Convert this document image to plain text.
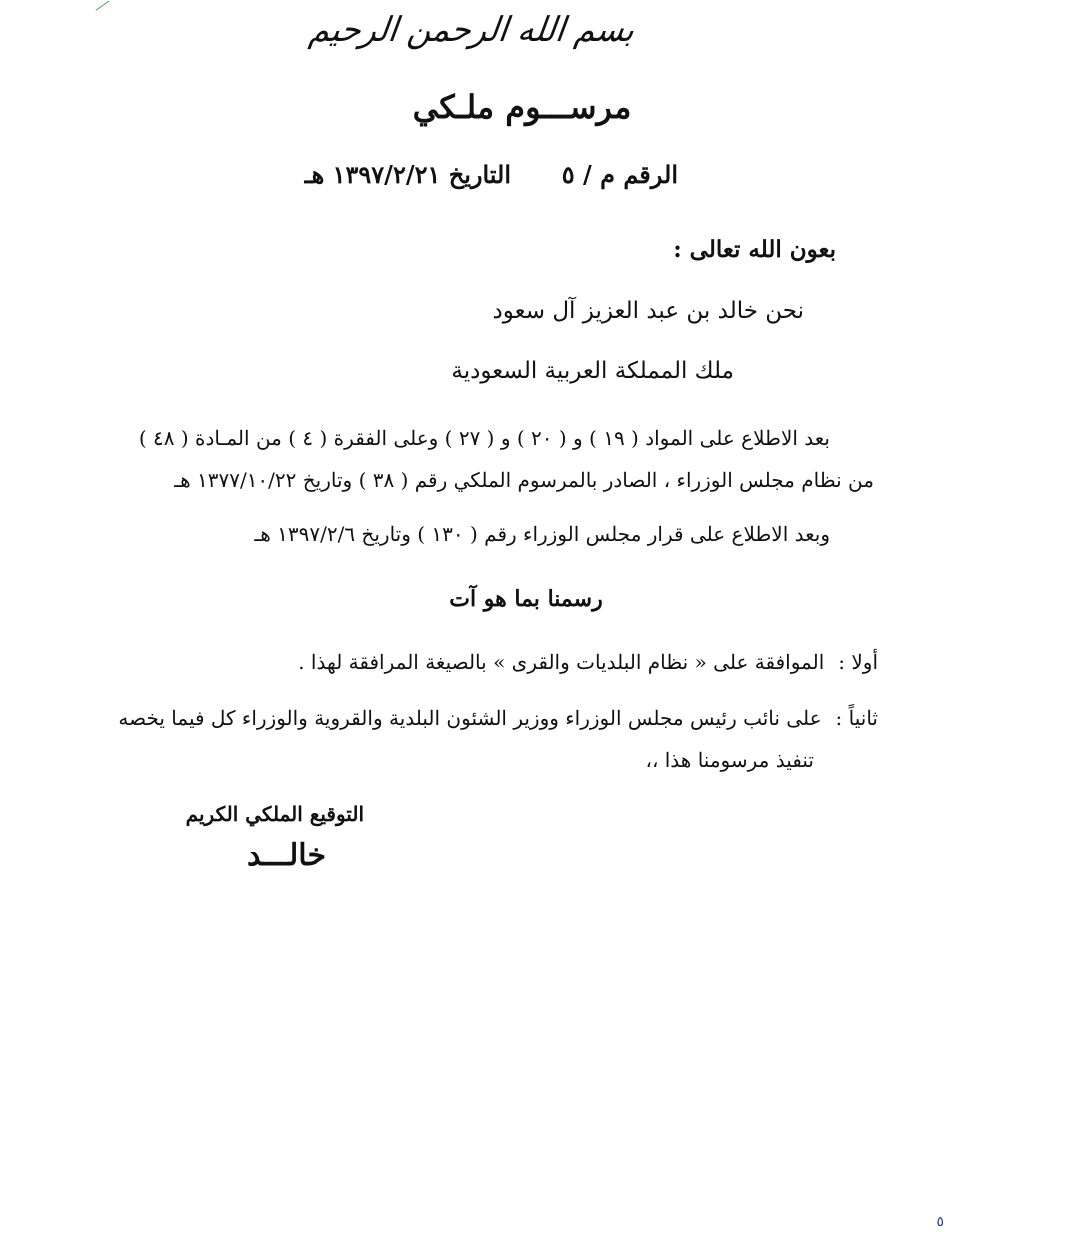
بسم الله الرحمن الرحيم
مرســـوم ملـكي
الرقم م / ٥  التاريخ ١٣٩٧/٢/٢١ هـ
بعون الله تعالى :
نحن خالد بن عبد العزيز آل سعود
ملك المملكة العربية السعودية
بعد الاطلاع على المواد ( ١٩ ) و ( ٢٠ ) و ( ٢٧ ) وعلى الفقرة ( ٤ ) من المـادة ( ٤٨ )
من نظام مجلس الوزراء ، الصادر بالمرسوم الملكي رقم ( ٣٨ ) وتاريخ ١٣٧٧/١٠/٢٢ هـ
وبعد الاطلاع على قرار مجلس الوزراء رقم ( ١٣٠ ) وتاريخ ١٣٩٧/٢/٦ هـ
رسمنا بما هو آت
أولا :الموافقة على « نظام البلديات والقرى » بالصيغة المرافقة لهذا .
ثانياً :على نائب رئيس مجلس الوزراء ووزير الشئون البلدية والقروية والوزراء كل فيما يخصه
تنفيذ مرسومنا هذا ،،
التوقيع الملكي الكريم
خالـــد
٥
